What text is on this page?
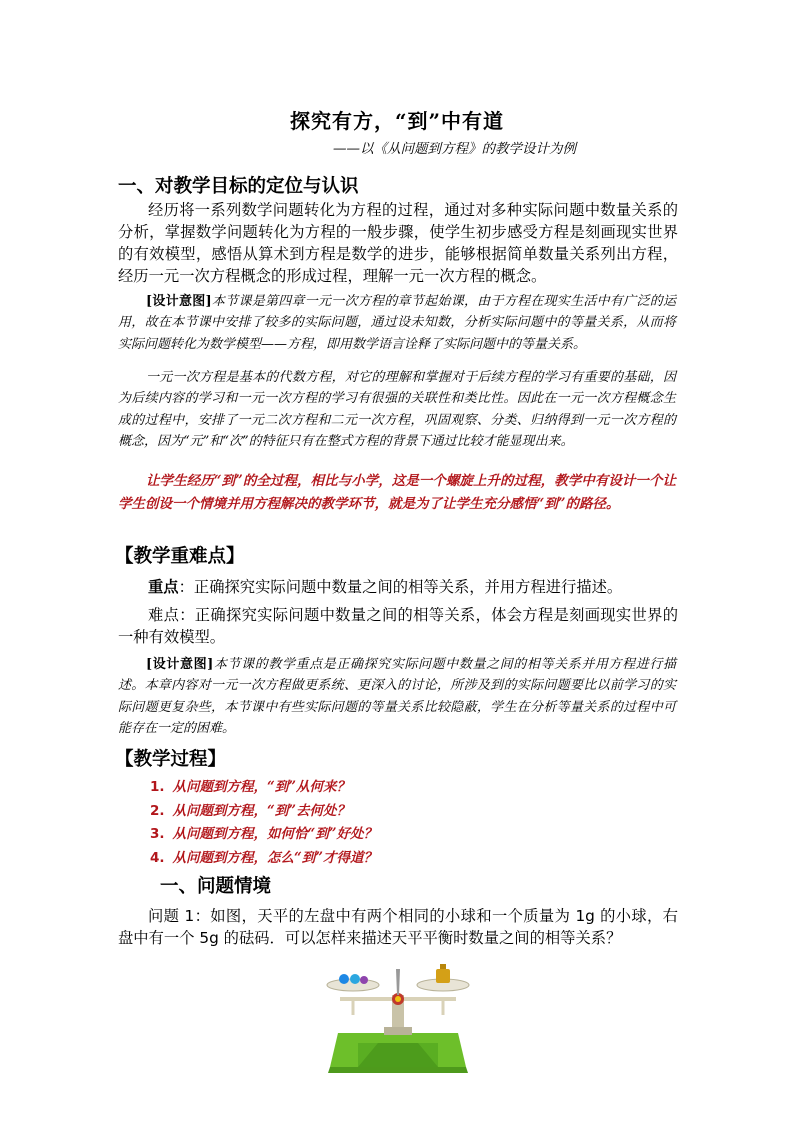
探究有方，“到”中有道
——以《从问题到方程》的教学设计为例
一、对教学目标的定位与认识
经历将一系列数学问题转化为方程的过程，通过对多种实际问题中数量关系的分析，掌握数学问题转化为方程的一般步骤，使学生初步感受方程是刻画现实世界的有效模型，感悟从算术到方程是数学的进步，能够根据简单数量关系列出方程，经历一元一次方程概念的形成过程，理解一元一次方程的概念。
[设计意图]本节课是第四章一元一次方程的章节起始课，由于方程在现实生活中有广泛的运用，故在本节课中安排了较多的实际问题，通过设未知数，分析实际问题中的等量关系，从而将实际问题转化为数学模型——方程，即用数学语言诠释了实际问题中的等量关系。
一元一次方程是基本的代数方程，对它的理解和掌握对于后续方程的学习有重要的基础，因为后续内容的学习和一元一次方程的学习有很强的关联性和类比性。因此在一元一次方程概念生成的过程中，安排了一元二次方程和二元一次方程，巩固观察、分类、归纳得到一元一次方程的概念，因为“元”和“次”的特征只有在整式方程的背景下通过比较才能显现出来。
让学生经历“到”的全过程，相比与小学，这是一个螺旋上升的过程，教学中有设计一个让学生创设一个情境并用方程解决的教学环节，就是为了让学生充分感悟“到”的路径。
【教学重难点】
重点：正确探究实际问题中数量之间的相等关系，并用方程进行描述。
难点：正确探究实际问题中数量之间的相等关系，体会方程是刻画现实世界的一种有效模型。
[设计意图]本节课的教学重点是正确探究实际问题中数量之间的相等关系并用方程进行描述。本章内容对一元一次方程做更系统、更深入的讨论，所涉及到的实际问题要比以前学习的实际问题更复杂些，本节课中有些实际问题的等量关系比较隐蔽，学生在分析等量关系的过程中可能存在一定的困难。
【教学过程】
1. 从问题到方程，“到”从何来？
2. 从问题到方程，“到”去何处？
3. 从问题到方程，如何恰“到”好处？
4. 从问题到方程，怎么“到”才得道？
一、问题情境
问题 1：如图，天平的左盘中有两个相同的小球和一个质量为 1g 的小球，右盘中有一个 5g 的砝码．可以怎样来描述天平平衡时数量之间的相等关系？
